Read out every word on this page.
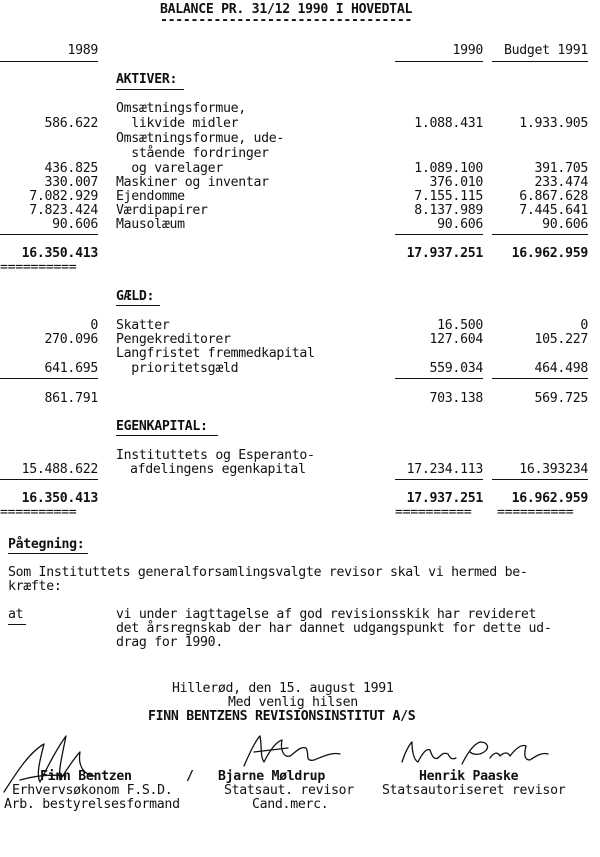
BALANCE PR. 31/12 1990 I HOVEDTAL
---------------------------------
1989	1990	Budget 1991
AKTIVER:
Omsætningsformue,
likvide midler
586.622	1.088.431	1.933.905
Omsætningsformue, ude-
stående fordringer
og varelager
436.825	1.089.100	391.705
Maskiner og inventar
330.007	376.010	233.474
Ejendomme
7.082.929	7.155.115	6.867.628
Værdipapirer
7.823.424	8.137.989	7.445.641
Mausolæum
90.606	90.606	90.606
16.350.413	17.937.251	16.962.959
==========
GÆLD:
Skatter
0	16.500	0
Pengekreditorer
270.096	127.604	105.227
Langfristet fremmedkapital
prioritetsgæld
641.695	559.034	464.498
861.791	703.138	569.725
EGENKAPITAL:
Instituttets og Esperanto-
afdelingens egenkapital
15.488.622	17.234.113	16.393234
16.350.413	17.937.251	16.962.959
==========	========== ==========
Påtegning:
Som Instituttets generalforsamlingsvalgte revisor skal vi hermed be-
kræfte:
at	vi under iagttagelse af god revisionsskik har revideret
det årsregnskab der har dannet udgangspunkt for dette ud-
drag for 1990.
Hillerød, den 15. august 1991
Med venlig hilsen
FINN BENTZENS REVISIONSINSTITUT A/S
Finn Bentzen	/ Bjarne Møldrup	Henrik Paaske
Erhvervsøkonom F.S.D.	Statsaut. revisor Statsautoriseret revisor
Arb. bestyrelsesformand	Cand.merc.
